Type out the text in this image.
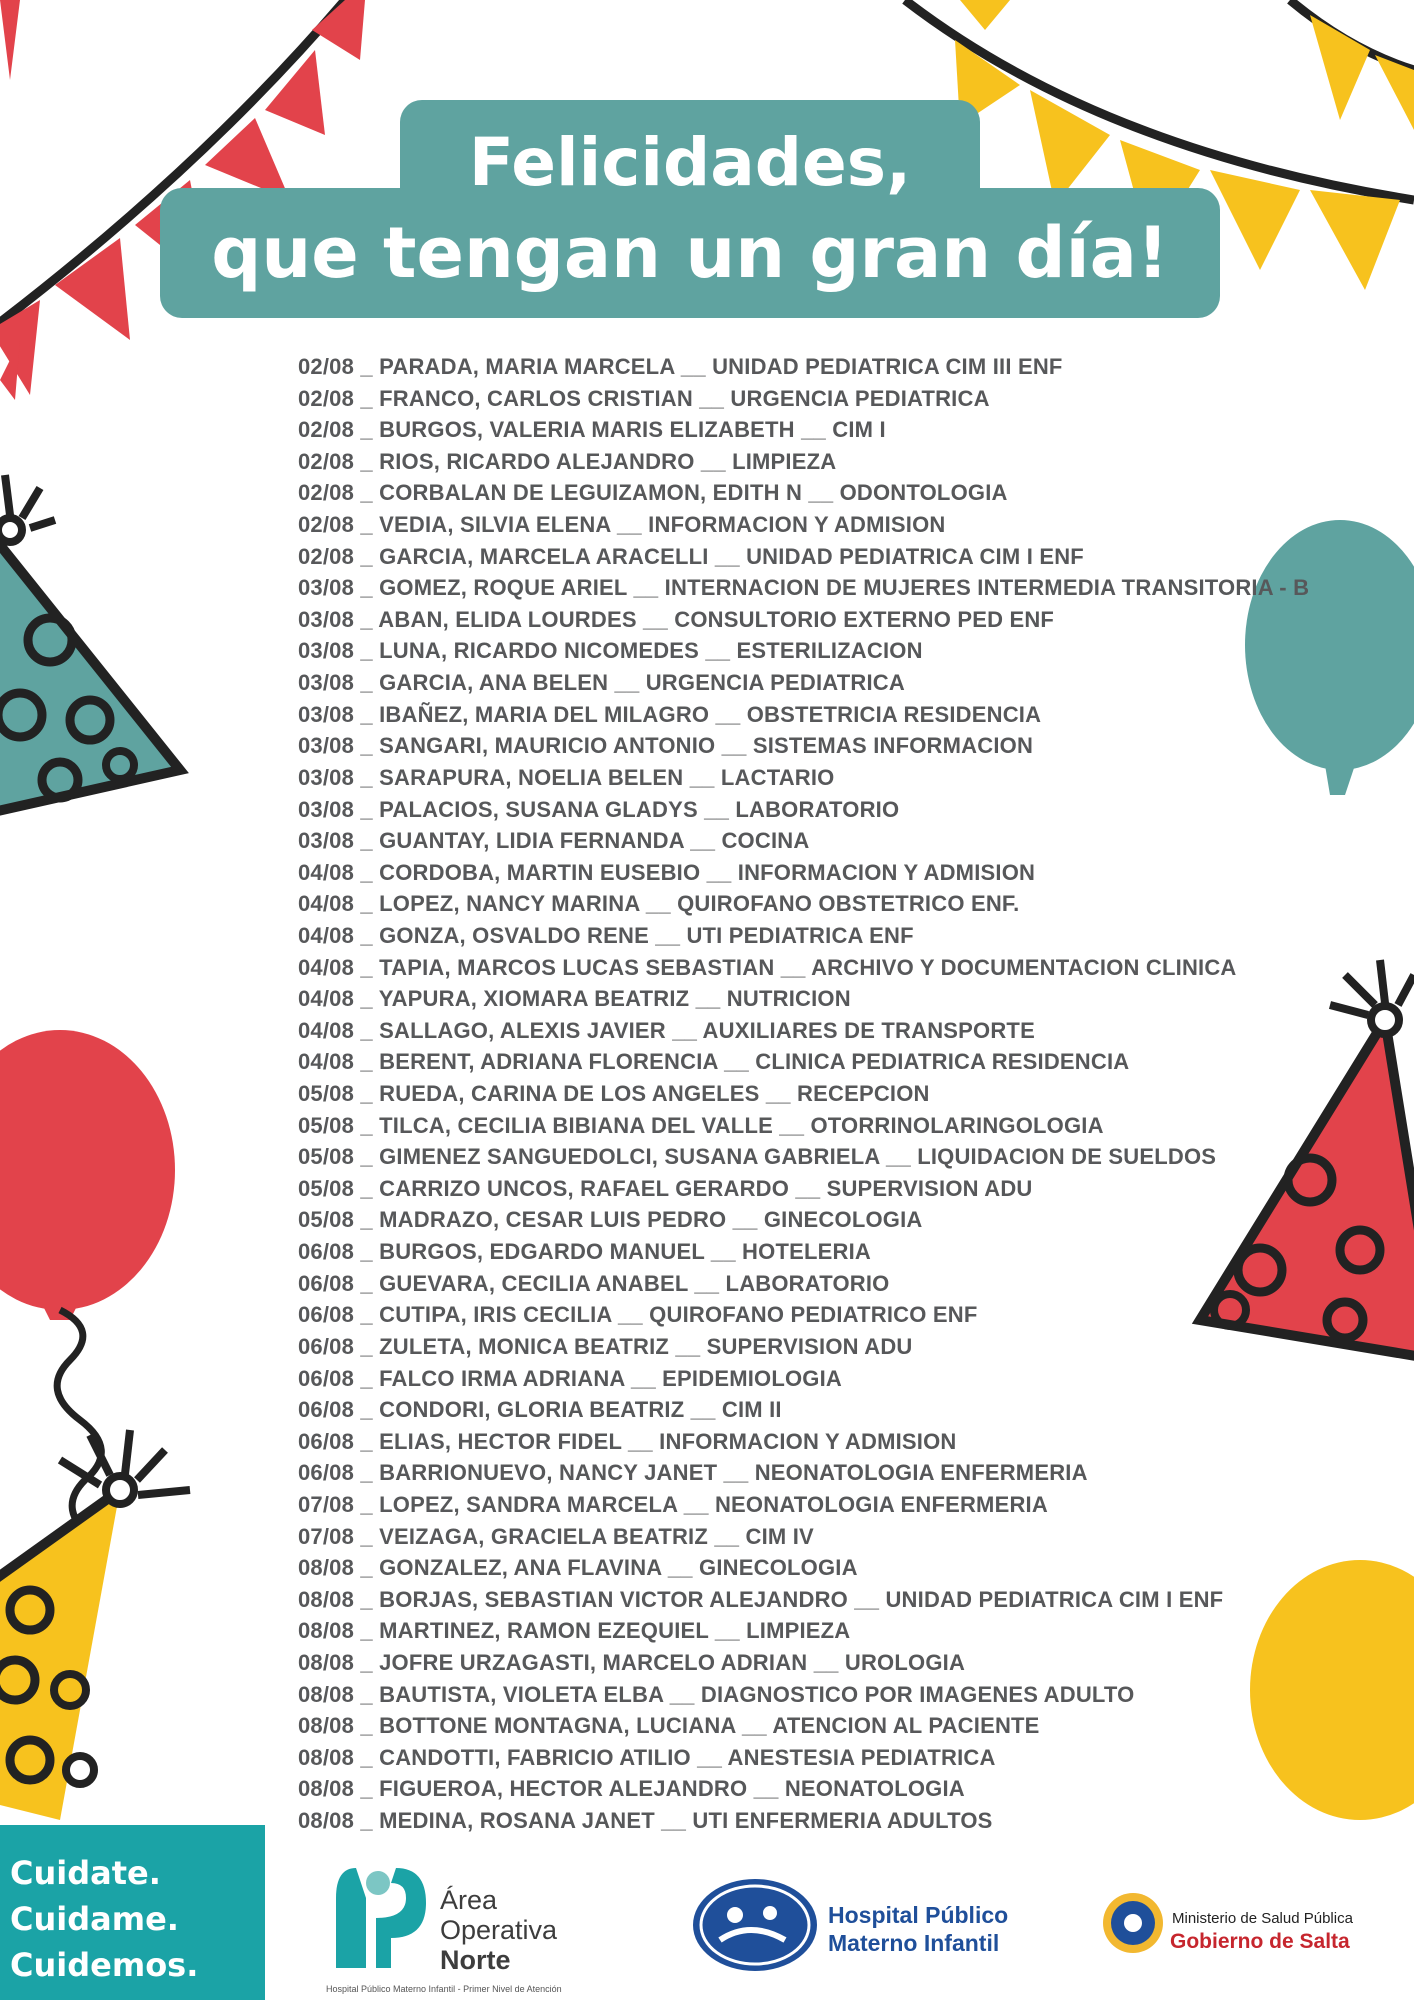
Felicidades,
que tengan un gran día!
02/08 _ PARADA, MARIA MARCELA __ UNIDAD PEDIATRICA CIM III ENF
02/08 _ FRANCO, CARLOS CRISTIAN __ URGENCIA PEDIATRICA
02/08 _ BURGOS, VALERIA MARIS ELIZABETH __ CIM I
02/08 _ RIOS, RICARDO ALEJANDRO __ LIMPIEZA
02/08 _ CORBALAN DE LEGUIZAMON, EDITH N __ ODONTOLOGIA
02/08 _ VEDIA, SILVIA ELENA __ INFORMACION Y ADMISION
02/08 _ GARCIA, MARCELA ARACELLI __ UNIDAD PEDIATRICA CIM I ENF
03/08 _ GOMEZ, ROQUE ARIEL __ INTERNACION DE MUJERES INTERMEDIA TRANSITORIA - B
03/08 _ ABAN, ELIDA LOURDES __ CONSULTORIO EXTERNO PED ENF
03/08 _ LUNA, RICARDO NICOMEDES __ ESTERILIZACION
03/08 _ GARCIA, ANA BELEN __ URGENCIA PEDIATRICA
03/08 _ IBAÑEZ, MARIA DEL MILAGRO __ OBSTETRICIA RESIDENCIA
03/08 _ SANGARI, MAURICIO ANTONIO __ SISTEMAS INFORMACION
03/08 _ SARAPURA, NOELIA BELEN __ LACTARIO
03/08 _ PALACIOS, SUSANA GLADYS __ LABORATORIO
03/08 _ GUANTAY, LIDIA FERNANDA __ COCINA
04/08 _ CORDOBA, MARTIN EUSEBIO __ INFORMACION Y ADMISION
04/08 _ LOPEZ, NANCY MARINA __ QUIROFANO OBSTETRICO ENF.
04/08 _ GONZA, OSVALDO RENE __ UTI PEDIATRICA ENF
04/08 _ TAPIA, MARCOS LUCAS SEBASTIAN __ ARCHIVO Y DOCUMENTACION CLINICA
04/08 _ YAPURA, XIOMARA BEATRIZ __ NUTRICION
04/08 _ SALLAGO, ALEXIS JAVIER __ AUXILIARES DE TRANSPORTE
04/08 _ BERENT, ADRIANA FLORENCIA __ CLINICA PEDIATRICA RESIDENCIA
05/08 _ RUEDA, CARINA DE LOS ANGELES __ RECEPCION
05/08 _ TILCA, CECILIA BIBIANA DEL VALLE __ OTORRINOLARINGOLOGIA
05/08 _ GIMENEZ SANGUEDOLCI, SUSANA GABRIELA __ LIQUIDACION DE SUELDOS
05/08 _ CARRIZO UNCOS, RAFAEL GERARDO __ SUPERVISION ADU
05/08 _ MADRAZO, CESAR LUIS PEDRO __ GINECOLOGIA
06/08 _ BURGOS, EDGARDO MANUEL __ HOTELERIA
06/08 _ GUEVARA, CECILIA ANABEL __ LABORATORIO
06/08 _ CUTIPA, IRIS CECILIA __ QUIROFANO PEDIATRICO ENF
06/08 _ ZULETA, MONICA BEATRIZ __ SUPERVISION ADU
06/08 _ FALCO IRMA ADRIANA __ EPIDEMIOLOGIA
06/08 _ CONDORI, GLORIA BEATRIZ __ CIM II
06/08 _ ELIAS, HECTOR FIDEL __ INFORMACION Y ADMISION
06/08 _ BARRIONUEVO, NANCY JANET __ NEONATOLOGIA ENFERMERIA
07/08 _ LOPEZ, SANDRA MARCELA __ NEONATOLOGIA ENFERMERIA
07/08 _ VEIZAGA, GRACIELA BEATRIZ __ CIM IV
08/08 _ GONZALEZ, ANA FLAVINA __ GINECOLOGIA
08/08 _ BORJAS, SEBASTIAN VICTOR ALEJANDRO __ UNIDAD PEDIATRICA CIM I ENF
08/08 _ MARTINEZ, RAMON EZEQUIEL __ LIMPIEZA
08/08 _ JOFRE URZAGASTI, MARCELO ADRIAN __ UROLOGIA
08/08 _ BAUTISTA, VIOLETA ELBA __ DIAGNOSTICO POR IMAGENES ADULTO
08/08 _ BOTTONE MONTAGNA, LUCIANA __ ATENCION AL PACIENTE
08/08 _ CANDOTTI, FABRICIO ATILIO __ ANESTESIA PEDIATRICA
08/08 _ FIGUEROA, HECTOR ALEJANDRO __ NEONATOLOGIA
08/08 _ MEDINA, ROSANA JANET __ UTI ENFERMERIA ADULTOS
Cuidate.
Cuidame.
Cuidemos.
Área
Operativa
Norte
Hospital Público Materno Infantil - Primer Nivel de Atención
Hospital Público
Materno Infantil
Ministerio de Salud Pública
Gobierno de Salta
